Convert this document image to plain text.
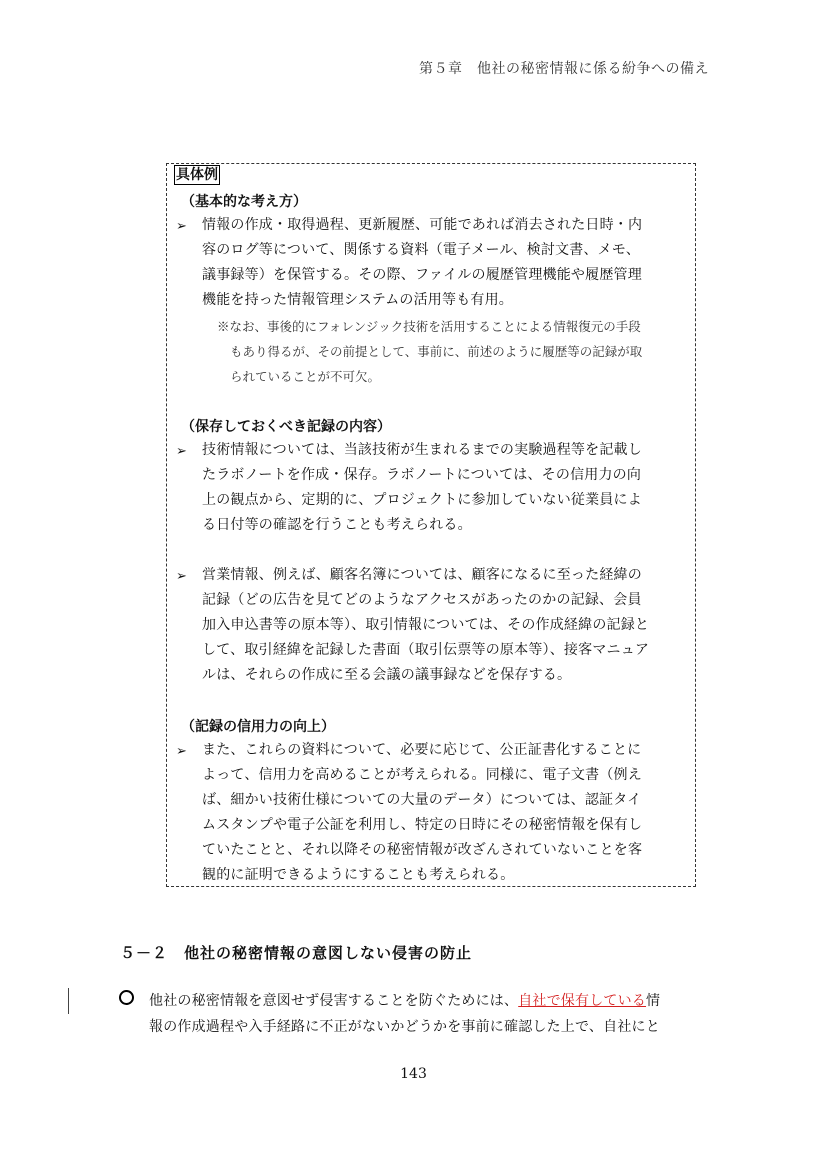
第５章　他社の秘密情報に係る紛争への備え
具体例
（基本的な考え方）
➢ 情報の作成・取得過程、更新履歴、可能であれば消去された日時・内
容のログ等について、関係する資料（電子メール、検討文書、メモ、
議事録等）を保管する。その際、ファイルの履歴管理機能や履歴管理
機能を持った情報管理システムの活用等も有用。
※なお、事後的にフォレンジック技術を活用することによる情報復元の手段
もあり得るが、その前提として、事前に、前述のように履歴等の記録が取
られていることが不可欠。
（保存しておくべき記録の内容）
➢ 技術情報については、当該技術が生まれるまでの実験過程等を記載し
たラボノートを作成・保存。ラボノートについては、その信用力の向
上の観点から、定期的に、プロジェクトに参加していない従業員によ
る日付等の確認を行うことも考えられる。
➢ 営業情報、例えば、顧客名簿については、顧客になるに至った経緯の
記録（どの広告を見てどのようなアクセスがあったのかの記録、会員
加入申込書等の原本等）、取引情報については、その作成経緯の記録と
して、取引経緯を記録した書面（取引伝票等の原本等）、接客マニュア
ルは、それらの作成に至る会議の議事録などを保存する。
（記録の信用力の向上）
➢ また、これらの資料について、必要に応じて、公正証書化することに
よって、信用力を高めることが考えられる。同様に、電子文書（例え
ば、細かい技術仕様についての大量のデータ）については、認証タイ
ムスタンプや電子公証を利用し、特定の日時にその秘密情報を保有し
ていたことと、それ以降その秘密情報が改ざんされていないことを客
観的に証明できるようにすることも考えられる。
５－２　他社の秘密情報の意図しない侵害の防止
他社の秘密情報を意図せず侵害することを防ぐためには、自社で保有している情
報の作成過程や入手経路に不正がないかどうかを事前に確認した上で、自社にと
143
